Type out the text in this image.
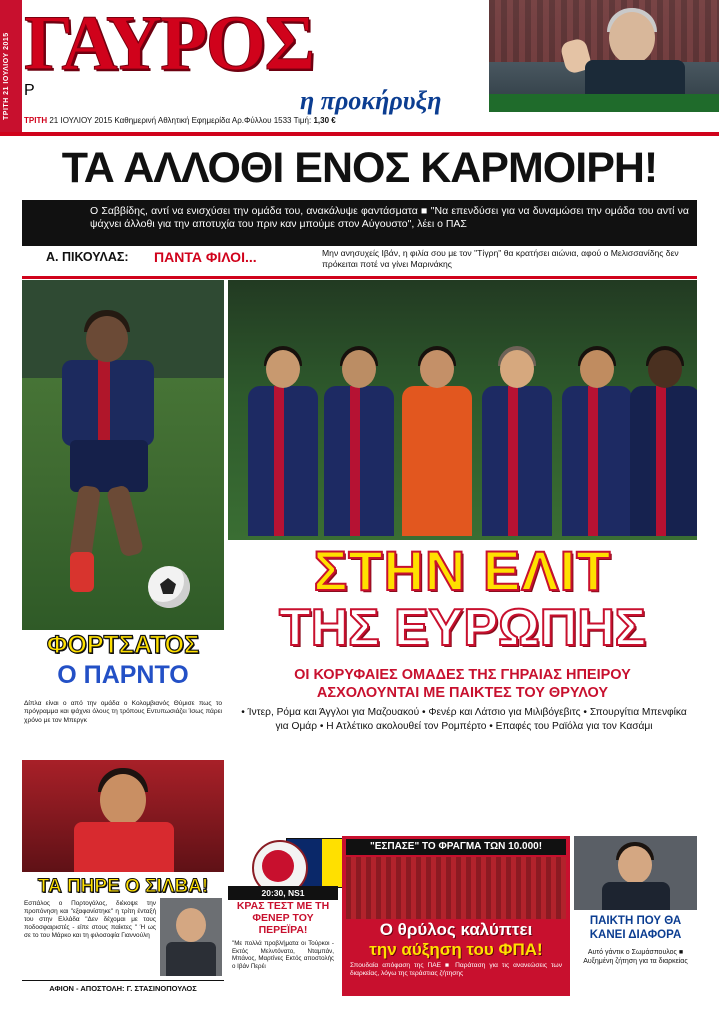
ΤΡΙΤΗ 21 ΙΟΥΛΙΟΥ 2015 ΓΑΥΡΟΣ
Ρ	η προκήρυξη
ΤΡΙΤΗ 21 ΙΟΥΛΙΟΥ 2015 Καθημερινή Αθλητική Εφημερίδα Αρ.Φύλλου 1533 Τιμή: 1,30 €
ΤΑ ΑΛΛΟΘΙ ΕΝΟΣ ΚΑΡΜΟΙΡΗ!

Ο Σαββίδης, αντί να ενισχύσει την ομάδα του, ανακάλυψε φαντάσματα ■ "Να επενδύσει για να δυναμώσει την ομάδα του αντί να ψάχνει άλλοθι για την αποτυχία του πριν καν μπούμε στον Αύγουστο", λέει ο ΠΑΣ

Α. ΠΙΚΟΥΛΑΣ: ΠΑΝΤΑ ΦΙΛΟΙ...	Μην ανησυχείς Ιβάν, η φιλία σου με τον "Τίγρη" θα κρατήσει αιώνια, αφού ο Μελισσανίδης δεν πρόκειται ποτέ να γίνει Μαρινάκης
ΦΟΡΤΣΑΤΟΣ
Ο ΠΑΡΝΤΟ
Δίπλα είναι ο από την ομάδα ο Κολομβιανός Θύμισε πως το πρόγραμμα και ψάχνει όλους τη τρόπους Εντυπωσιάζει Ίσως πάρει χρόνο με τον Μπεργκ
ΣΤΗΝ ΕΛΙΤ
ΤΗΣ ΕΥΡΩΠΗΣ
ΟΙ ΚΟΡΥΦΑΙΕΣ ΟΜΑΔΕΣ ΤΗΣ ΓΗΡΑΙΑΣ ΗΠΕΙΡΟΥ
ΑΣΧΟΛΟΥΝΤΑΙ ΜΕ ΠΑΙΚΤΕΣ ΤΟΥ ΘΡΥΛΟΥ
• Ίντερ, Ρόμα και Άγγλοι για Μαζουακού • Φενέρ και Λάτσιο για Μιλιβόγεβιτς • Σπουργίτια Μπενφίκα για Ομάρ • Η Ατλέτικο ακολουθεί τον Ρομπέρτο • Επαφές του Ραϊόλα για τον Κασάμι
ΤΑ ΠΗΡΕ Ο ΣΙΛΒΑ!
Εσπάλος ο Πορτογάλος, διέκοψε την προπόνηση και "εξαφανίστηκε" η τρίτη ένταξή του στην Ελλάδα "Δεν δέχομαι με τους ποδοσφαιριστές - είπε στους παίκτες " Ή ως σε το του Μάρκο και τη φιλοσοφία Γιαννούλη
ΑΦΙΟΝ - ΑΠΟΣΤΟΛΗ: Γ. ΣΤΑΣΙΝΟΠΟΥΛΟΣ
20:30, NS1
ΚΡΑΣ ΤΕΣΤ ΜΕ ΤΗ ΦΕΝΕΡ ΤΟΥ ΠΕΡΕΪΡΑ!
"Με πολλά προβλήματα οι Τούρκοι - Εκτός Μελντόνατο, Νταμπάν, Μπάνος, Μαρτίνες Εκτός αποστολής ο Ιβάν Περέι
"ΕΣΠΑΣΕ" ΤΟ ΦΡΑΓΜΑ ΤΩΝ 10.000!
Ο θρύλος καλύπτει
την αύξηση του ΦΠΑ!
Σπουδαία απόφαση της ΠΑΕ ■ Παράταση για τις ανανεώσεις των διαρκείας, λόγω της τεράστιας ζήτησης
ΠΑΙΚΤΗ ΠΟΥ ΘΑ
ΚΑΝΕΙ ΔΙΑΦΟΡΑ
Αυτό γάντικ ο Σωμάσπουλος ■ Αυξημένη ζήτηση για τα διαρκείας
